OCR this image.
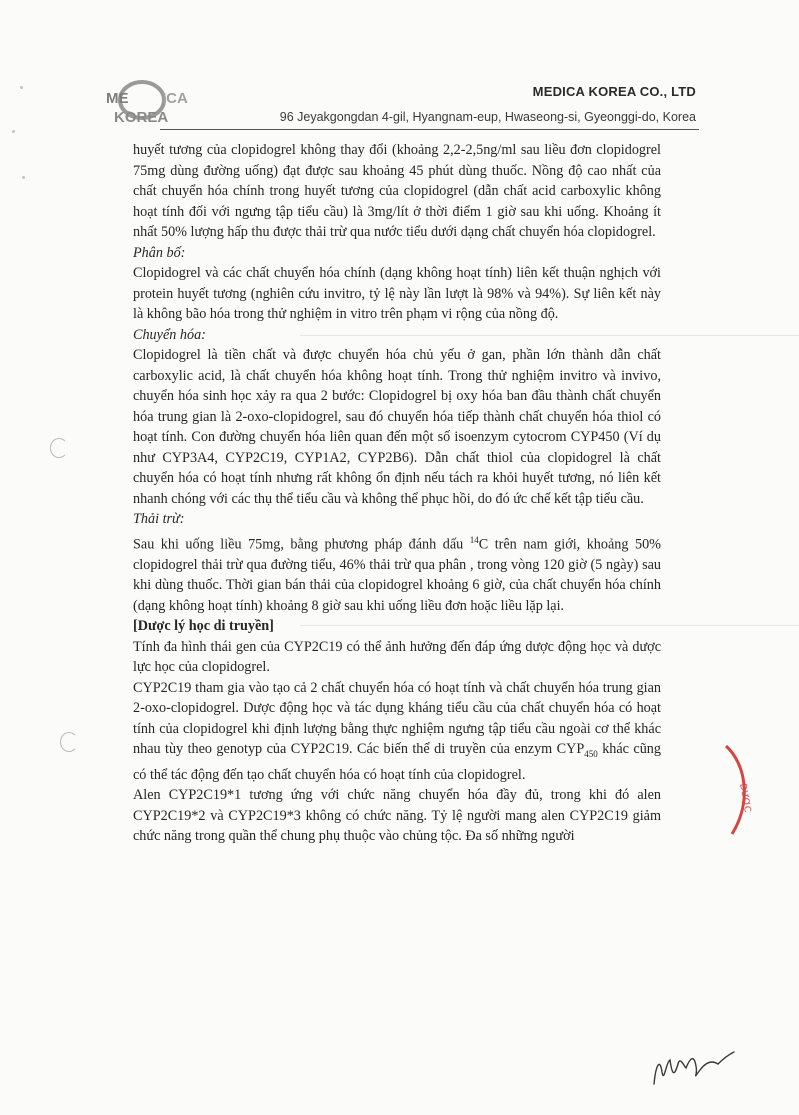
ME ICA
KOREA
MEDICA KOREA CO., LTD
96 Jeyakgongdan 4-gil, Hyangnam-eup, Hwaseong-si, Gyeonggi-do, Korea

huyết tương của clopidogrel không thay đổi (khoảng 2,2-2,5ng/ml sau liều đơn clopidogrel 75mg dùng đường uống) đạt được sau khoảng 45 phút dùng thuốc. Nồng độ cao nhất của chất chuyển hóa chính trong huyết tương của clopidogrel (dẫn chất acid carboxylic không hoạt tính đối với ngưng tập tiểu cầu) là 3mg/lít ở thời điểm 1 giờ sau khi uống. Khoảng ít nhất 50% lượng hấp thu được thải trừ qua nước tiểu dưới dạng chất chuyển hóa clopidogrel.

Phân bố:

Clopidogrel và các chất chuyển hóa chính (dạng không hoạt tính) liên kết thuận nghịch với protein huyết tương (nghiên cứu invitro, tỷ lệ này lần lượt là 98% và 94%). Sự liên kết này là không bão hóa trong thử nghiệm in vitro trên phạm vi rộng của nồng độ.

Chuyển hóa:

Clopidogrel là tiền chất và được chuyển hóa chủ yếu ở gan, phần lớn thành dẫn chất carboxylic acid, là chất chuyển hóa không hoạt tính. Trong thử nghiệm invitro và invivo, chuyển hóa sinh học xảy ra qua 2 bước: Clopidogrel bị oxy hóa ban đầu thành chất chuyển hóa trung gian là 2-oxo-clopidogrel, sau đó chuyển hóa tiếp thành chất chuyển hóa thiol có hoạt tính. Con đường chuyển hóa liên quan đến một số isoenzym cytocrom CYP450 (Ví dụ như CYP3A4, CYP2C19, CYP1A2, CYP2B6). Dẫn chất thiol của clopidogrel là chất chuyển hóa có hoạt tính nhưng rất không ổn định nếu tách ra khỏi huyết tương, nó liên kết nhanh chóng với các thụ thể tiểu cầu và không thể phục hồi, do đó ức chế kết tập tiểu cầu.

Thải trừ:

Sau khi uống liều 75mg, bằng phương pháp đánh dấu $^{14}$C trên nam giới, khoảng 50% clopidogrel thải trừ qua đường tiểu, 46% thải trừ qua phân , trong vòng 120 giờ (5 ngày) sau khi dùng thuốc. Thời gian bán thải của clopidogrel khoảng 6 giờ, của chất chuyển hóa chính (dạng không hoạt tính) khoảng 8 giờ sau khi uống liều đơn hoặc liều lặp lại.

[Dược lý học di truyền]

Tính đa hình thái gen của CYP2C19 có thể ảnh hưởng đến đáp ứng dược động học và dược lực học của clopidogrel.

CYP2C19 tham gia vào tạo cả 2 chất chuyển hóa có hoạt tính và chất chuyển hóa trung gian 2-oxo-clopidogrel. Dược động học và tác dụng kháng tiểu cầu của chất chuyển hóa có hoạt tính của clopidogrel khi định lượng bằng thực nghiệm ngưng tập tiểu cầu ngoài cơ thể khác nhau tùy theo genotyp của CYP2C19. Các biến thể di truyền của enzym $CYP_{450}$ khác cũng có thể tác động đến tạo chất chuyển hóa có hoạt tính của clopidogrel.

Alen CYP2C19*1 tương ứng với chức năng chuyển hóa đầy đủ, trong khi đó alen CYP2C19*2 và CYP2C19*3 không có chức năng. Tỷ lệ người mang alen CYP2C19 giảm chức năng trong quần thể chung phụ thuộc vào chủng tộc. Đa số những người

DƯỢC
